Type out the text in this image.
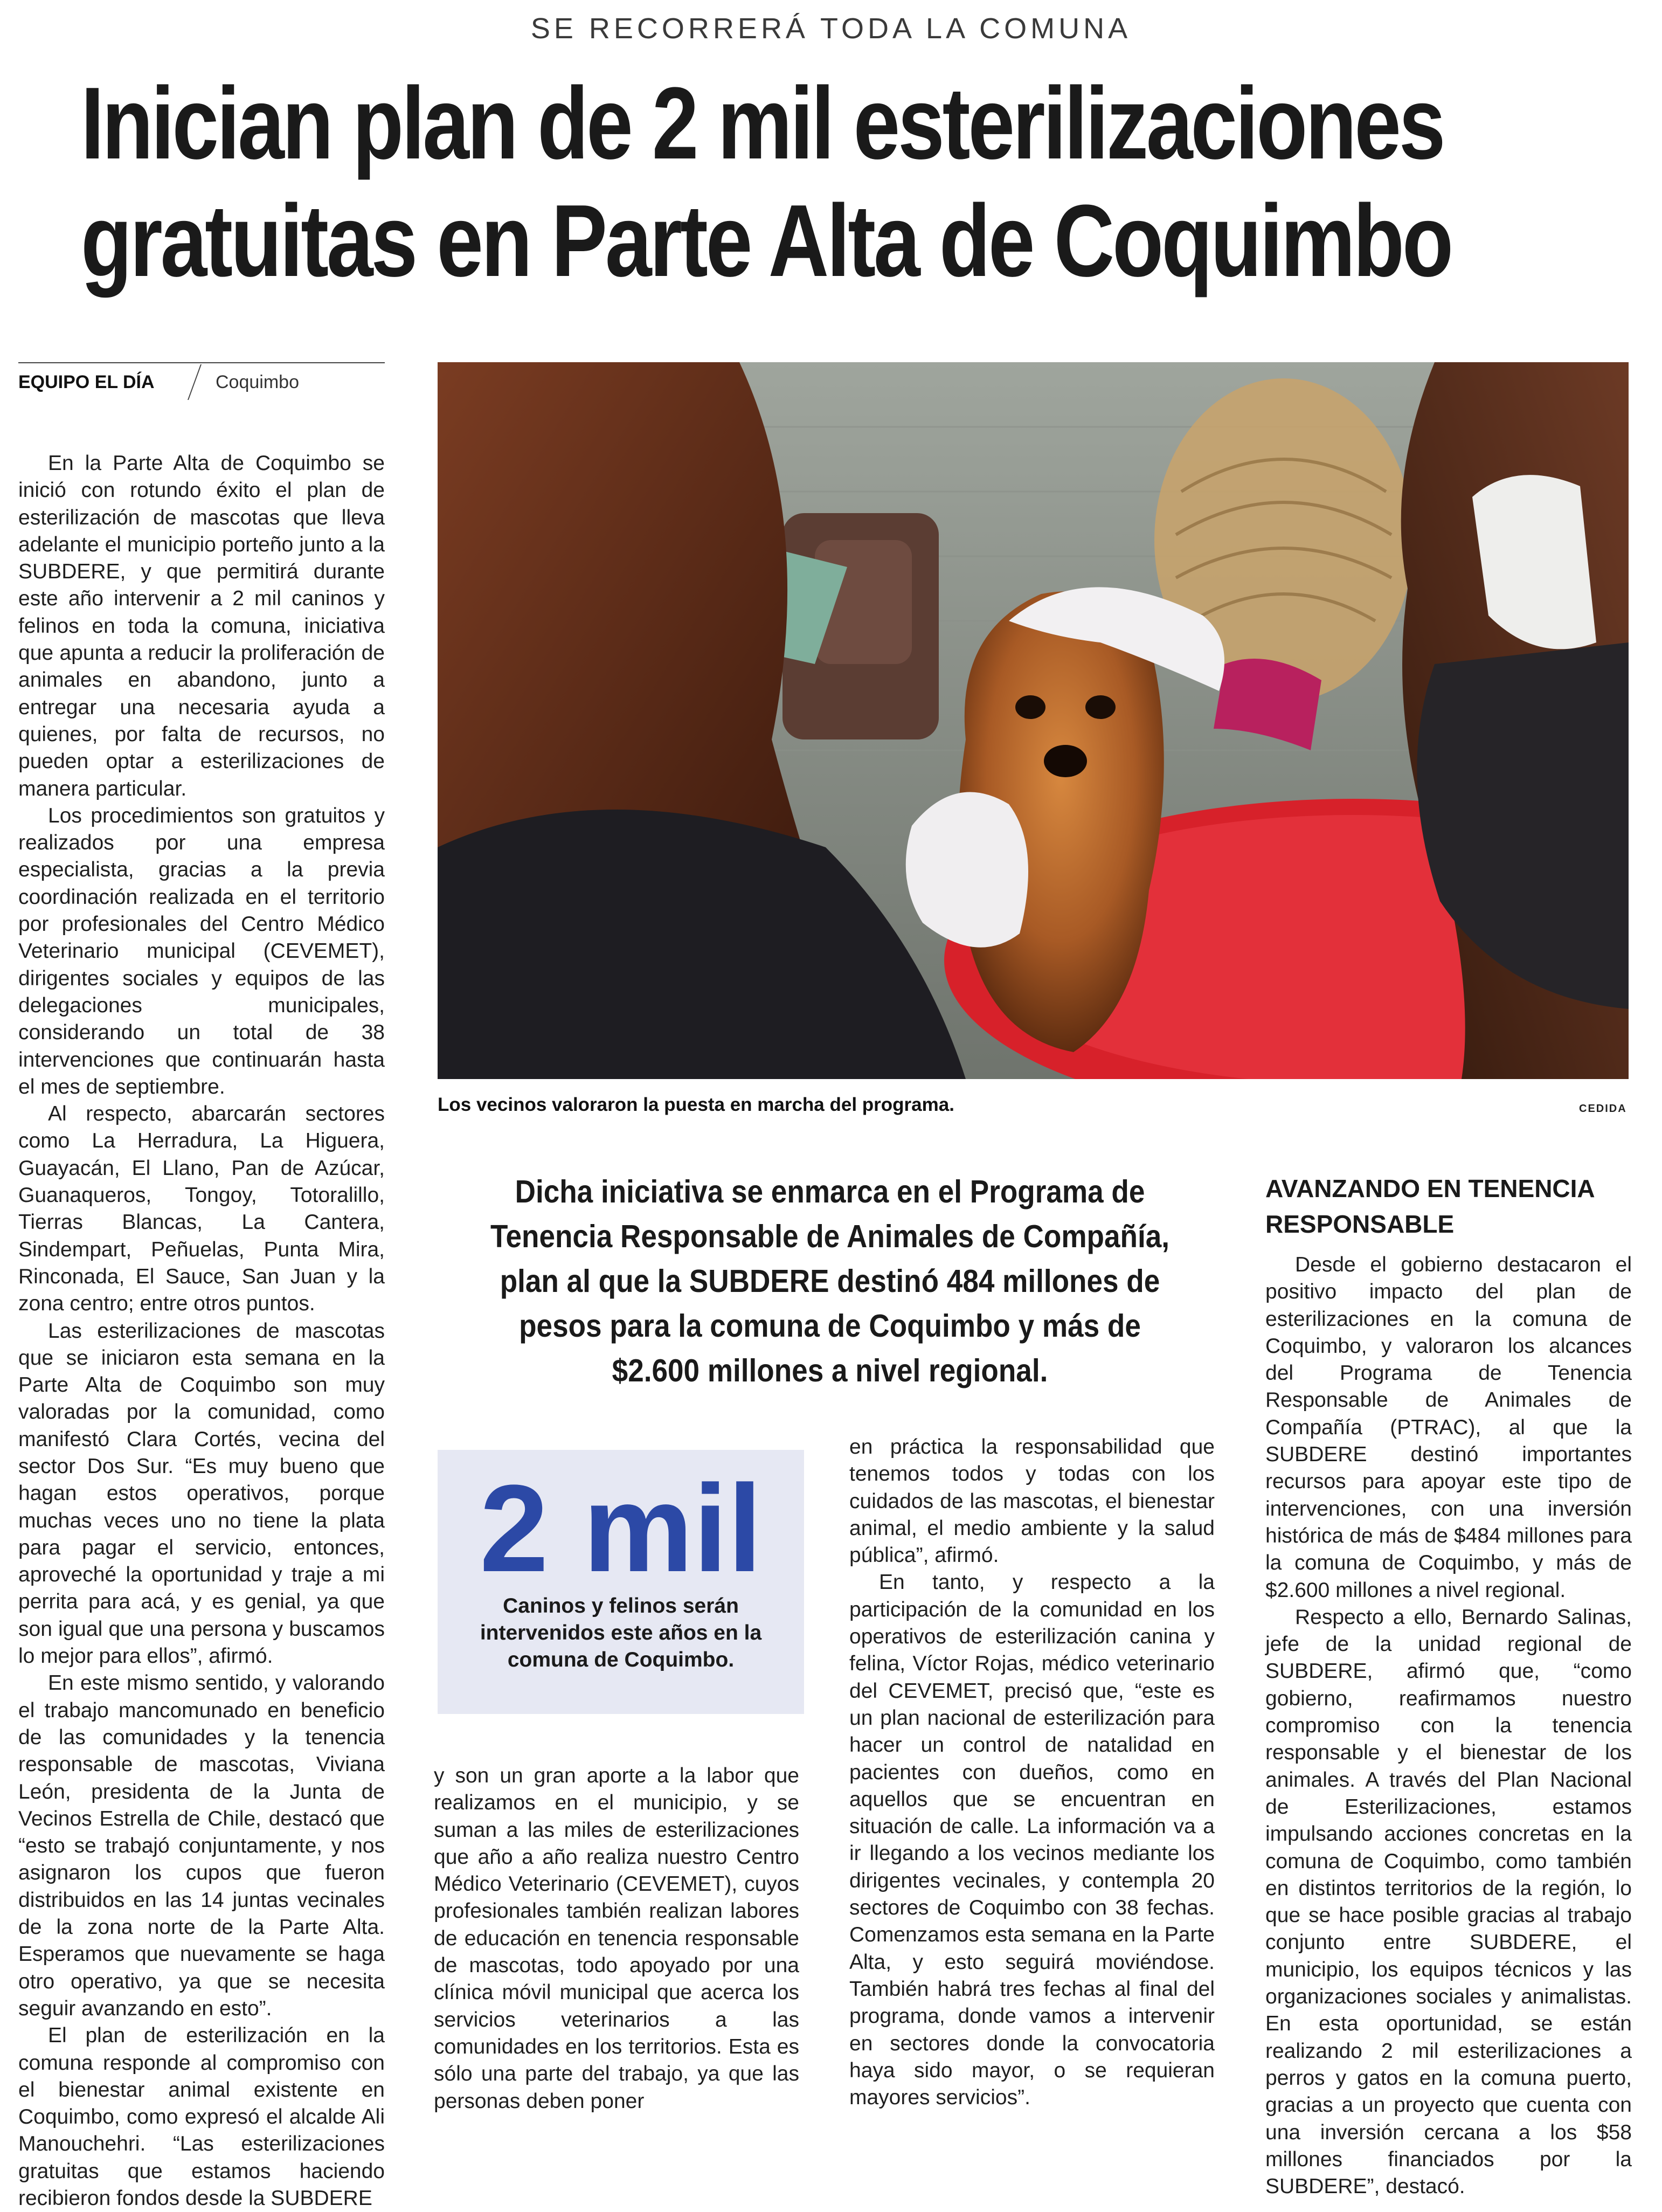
SE RECORRERÁ TODA LA COMUNA
Inician plan de 2 mil esterilizaciones
gratuitas en Parte Alta de Coquimbo
EQUIPO EL DÍA	Coquimbo

En la Parte Alta de Coquimbo se inició con rotundo éxito el plan de esterilización de mascotas que lleva adelante el municipio porteño junto a la SUBDERE, y que permitirá durante este año intervenir a 2 mil caninos y felinos en toda la comuna, iniciativa que apunta a reducir la proliferación de animales en abandono, junto a entregar una necesaria ayuda a quienes, por falta de recursos, no pueden optar a esterilizaciones de manera particular.

Los procedimientos son gratuitos y realizados por una empresa especialista, gracias a la previa coordinación realizada en el territorio por profesionales del Centro Médico Veterinario municipal (CEVEMET), dirigentes sociales y equipos de las delegaciones municipales, considerando un total de 38 intervenciones que continuarán hasta el mes de septiembre.

Al respecto, abarcarán sectores como La Herradura, La Higuera, Guayacán, El Llano, Pan de Azúcar, Guanaqueros, Tongoy, Totoralillo, Tierras Blancas, La Cantera, Sindempart, Peñuelas, Punta Mira, Rinconada, El Sauce, San Juan y la zona centro; entre otros puntos.

Las esterilizaciones de mascotas que se iniciaron esta semana en la Parte Alta de Coquimbo son muy valoradas por la comunidad, como manifestó Clara Cortés, vecina del sector Dos Sur. “Es muy bueno que hagan estos operativos, porque muchas veces uno no tiene la plata para pagar el servicio, entonces, aproveché la oportunidad y traje a mi perrita para acá, y es genial, ya que son igual que una persona y buscamos lo mejor para ellos”, afirmó.

En este mismo sentido, y valorando el trabajo mancomunado en beneficio de las comunidades y la tenencia responsable de mascotas, Viviana León, presidenta de la Junta de Vecinos Estrella de Chile, destacó que “esto se trabajó conjuntamente, y nos asignaron los cupos que fueron distribuidos en las 14 juntas vecinales de la zona norte de la Parte Alta. Esperamos que nuevamente se haga otro operativo, ya que se necesita seguir avanzando en esto”.

El plan de esterilización en la comuna responde al compromiso con el bienestar animal existente en Coquimbo, como expresó el alcalde Ali Manouchehri. “Las esterilizaciones gratuitas que estamos haciendo recibieron fondos desde la SUBDERE

Los vecinos valoraron la puesta en marcha del programa.	CEDIDA
Dicha iniciativa se enmarca en el Programa de Tenencia Responsable de Animales de Compañía, plan al que la SUBDERE destinó 484 millones de pesos para la comuna de Coquimbo y más de $2.600 millones a nivel regional.
AVANZANDO EN TENENCIA RESPONSABLE

Desde el gobierno destacaron el positivo impacto del plan de esterilizaciones en la comuna de Coquimbo, y valoraron los alcances del Programa de Tenencia Responsable de Animales de Compañía (PTRAC), al que la SUBDERE destinó importantes recursos para apoyar este tipo de intervenciones, con una inversión histórica de más de $484 millones para la comuna de Coquimbo, y más de $2.600 millones a nivel regional.

Respecto a ello, Bernardo Salinas, jefe de la unidad regional de SUBDERE, afirmó que, “como gobierno, reafirmamos nuestro compromiso con la tenencia responsable y el bienestar de los animales. A través del Plan Nacional de Esterilizaciones, estamos impulsando acciones concretas en la comuna de Coquimbo, como también en distintos territorios de la región, lo que se hace posible gracias al trabajo conjunto entre SUBDERE, el municipio, los equipos técnicos y las organizaciones sociales y animalistas. En esta oportunidad, se están realizando 2 mil esterilizaciones a perros y gatos en la comuna puerto, gracias a un proyecto que cuenta con una inversión cercana a los $58 millones financiados por la SUBDERE”, destacó.

2 mil
Caninos y felinos serán intervenidos este años en la comuna de Coquimbo.

y son un gran aporte a la labor que realizamos en el municipio, y se suman a las miles de esterilizaciones que año a año realiza nuestro Centro Médico Veterinario (CEVEMET), cuyos profesionales también realizan labores de educación en tenencia responsable de mascotas, todo apoyado por una clínica móvil municipal que acerca los servicios veterinarios a las comunidades en los territorios. Esta es sólo una parte del trabajo, ya que las personas deben poner

en práctica la responsabilidad que tenemos todos y todas con los cuidados de las mascotas, el bienestar animal, el medio ambiente y la salud pública”, afirmó.

En tanto, y respecto a la participación de la comunidad en los operativos de esterilización canina y felina, Víctor Rojas, médico veterinario del CEVEMET, precisó que, “este es un plan nacional de esterilización para hacer un control de natalidad en pacientes con dueños, como en aquellos que se encuentran en situación de calle. La información va a ir llegando a los vecinos mediante los dirigentes vecinales, y contempla 20 sectores de Coquimbo con 38 fechas. Comenzamos esta semana en la Parte Alta, y esto seguirá moviéndose. También habrá tres fechas al final del programa, donde vamos a intervenir en sectores donde la convocatoria haya sido mayor, o se requieran mayores servicios”.
